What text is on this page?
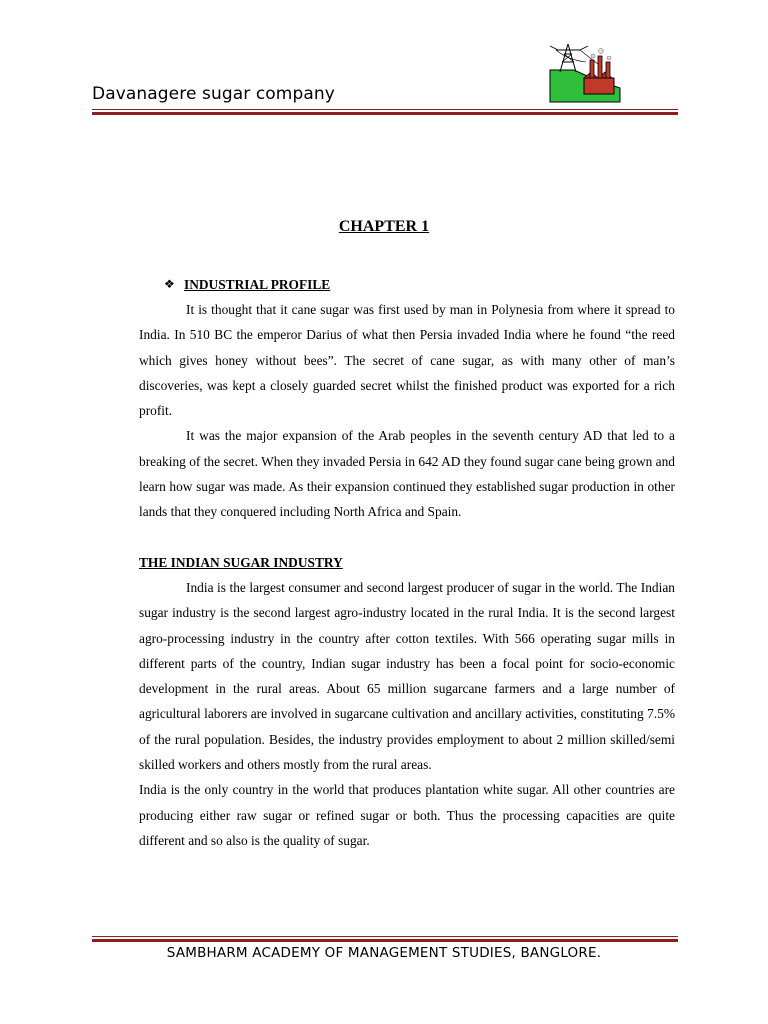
Davanagere sugar company
CHAPTER 1
❖ INDUSTRIAL PROFILE

It is thought that it cane sugar was first used by man in Polynesia from where it spread to India. In 510 BC the emperor Darius of what then Persia invaded India where he found “the reed which gives honey without bees”. The secret of cane sugar, as with many other of man’s discoveries, was kept a closely guarded secret whilst the finished product was exported for a rich profit.

It was the major expansion of the Arab peoples in the seventh century AD that led to a breaking of the secret. When they invaded Persia in 642 AD they found sugar cane being grown and learn how sugar was made. As their expansion continued they established sugar production in other lands that they conquered including North Africa and Spain.

THE INDIAN SUGAR INDUSTRY

India is the largest consumer and second largest producer of sugar in the world. The Indian sugar industry is the second largest agro-industry located in the rural India. It is the second largest agro-processing industry in the country after cotton textiles. With 566 operating sugar mills in different parts of the country, Indian sugar industry has been a focal point for socio-economic development in the rural areas. About 65 million sugarcane farmers and a large number of agricultural laborers are involved in sugarcane cultivation and ancillary activities, constituting 7.5% of the rural population. Besides, the industry provides employment to about 2 million skilled/semi skilled workers and others mostly from the rural areas.

India is the only country in the world that produces plantation white sugar. All other countries are producing either raw sugar or refined sugar or both. Thus the processing capacities are quite different and so also is the quality of sugar.

SAMBHARM ACADEMY OF MANAGEMENT STUDIES, BANGLORE.
